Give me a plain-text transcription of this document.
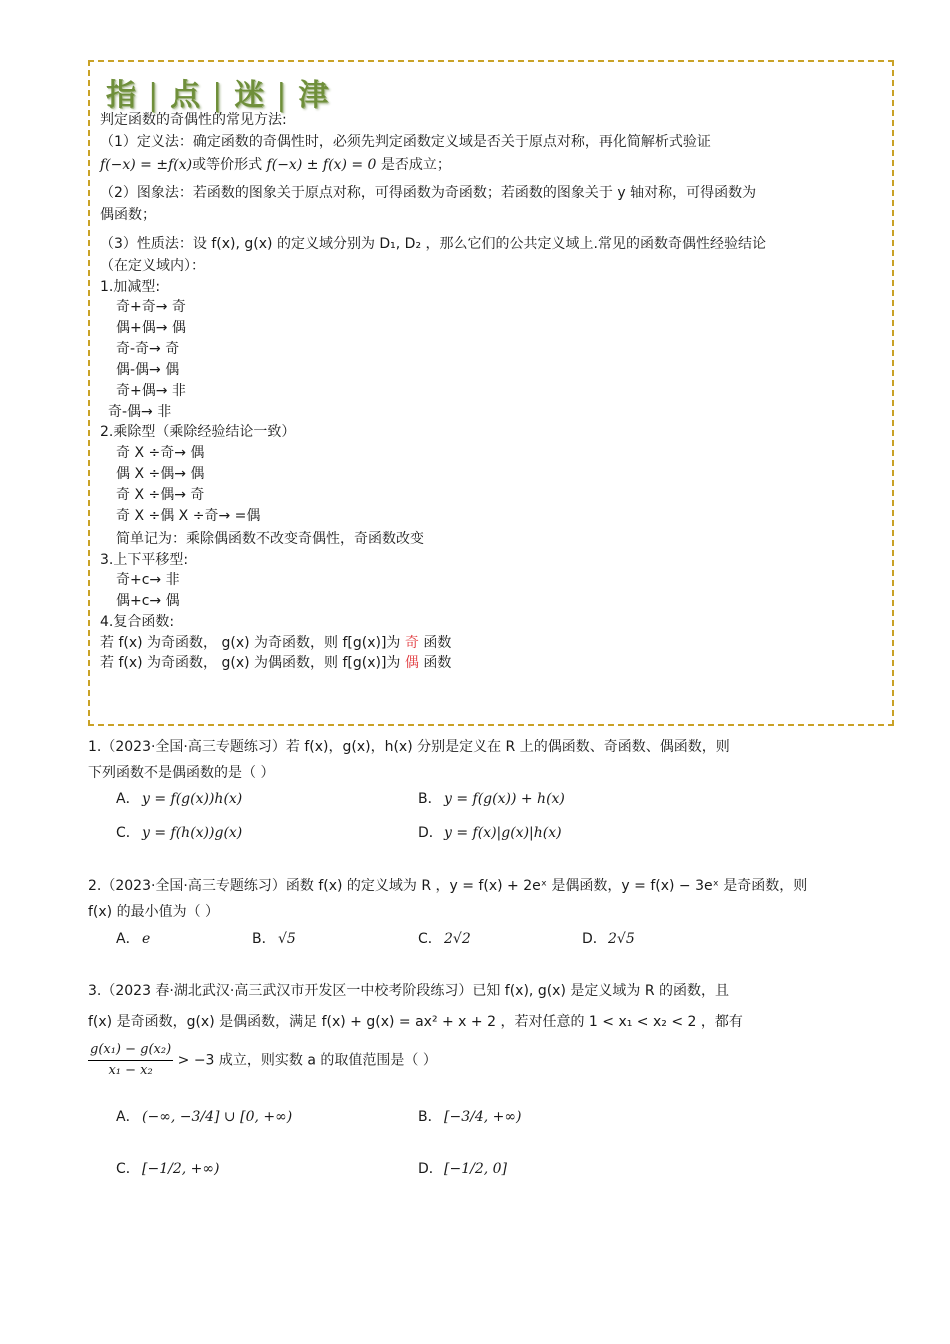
指 | 点 | 迷 | 津
判定函数的奇偶性的常见方法:
（1）定义法：确定函数的奇偶性时，必须先判定函数定义域是否关于原点对称，再化简解析式验证
f(−x) = ±f(x)或等价形式 f(−x) ± f(x) = 0 是否成立；
（2）图象法：若函数的图象关于原点对称，可得函数为奇函数；若函数的图象关于 y 轴对称，可得函数为
偶函数；
（3）性质法：设 f(x), g(x) 的定义域分别为 D₁, D₂ ，那么它们的公共定义域上.常见的函数奇偶性经验结论
（在定义域内）：
1.加减型:
奇+奇→ 奇
偶+偶→ 偶
奇-奇→ 奇
偶-偶→ 偶
奇+偶→ 非
奇-偶→ 非
2.乘除型（乘除经验结论一致）
奇 X ÷奇→ 偶
偶 X ÷偶→ 偶
奇 X ÷偶→ 奇
奇 X ÷偶 X ÷奇→ =偶
简单记为：乘除偶函数不改变奇偶性，奇函数改变
3.上下平移型:
奇+c→ 非
偶+c→ 偶
4.复合函数:
若 f(x) 为奇函数， g(x) 为奇函数，则 f[g(x)]为 奇 函数
若 f(x) 为奇函数， g(x) 为偶函数，则 f[g(x)]为 偶 函数
1.（2023·全国·高三专题练习）若 f(x)，g(x)，h(x) 分别是定义在 R 上的偶函数、奇函数、偶函数，则
下列函数不是偶函数的是（ ）
A． y = f(g(x))h(x)	B． y = f(g(x)) + h(x)
C． y = f(h(x))g(x)	D．y = f(x)|g(x)|h(x)
2.（2023·全国·高三专题练习）函数 f(x) 的定义域为 R ，y = f(x) + 2eˣ 是偶函数，y = f(x) − 3eˣ 是奇函数，则
f(x) 的最小值为（ ）
A． e	B． √5	C． 2√2	D．2√5
3.（2023 春·湖北武汉·高三武汉市开发区一中校考阶段练习）已知 f(x), g(x) 是定义域为 R 的函数，且
f(x) 是奇函数，g(x) 是偶函数，满足 f(x) + g(x) = ax² + x + 2 ，若对任意的 1 < x₁ < x₂ < 2 ，都有
$\frac{\text{g(x₁) − g(x₂)}}{\text{x₁ − x₂}} > -3$ 成立，则实数 a 的取值范围是（ ）
A． (−∞, −3/4] ∪ [0, +∞)	B． [−3/4, +∞)
C． [−1/2, +∞)	D．[−1/2, 0]
